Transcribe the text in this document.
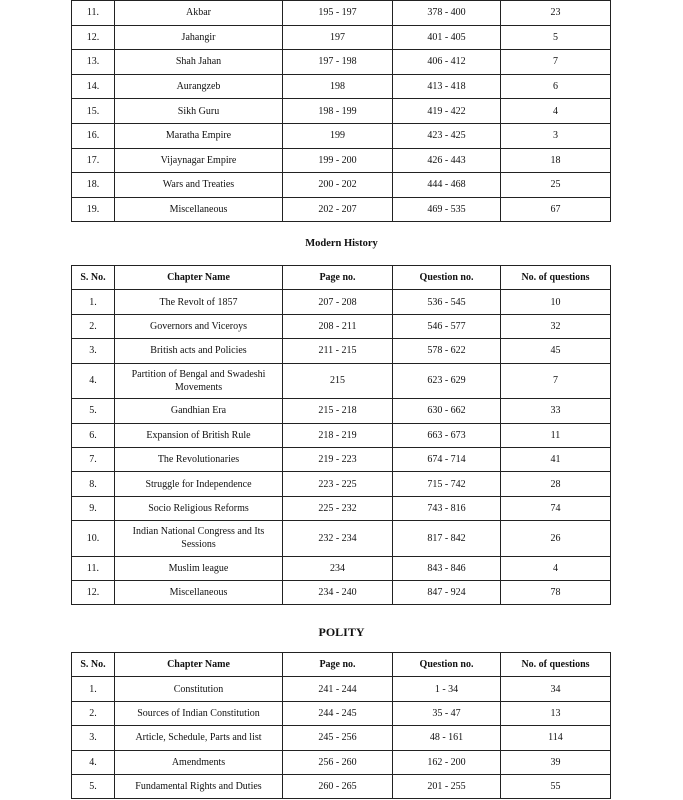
11.	Akbar	195 - 197	378 - 400	23
12.	Jahangir	197	401 - 405	5
13.	Shah Jahan	197 - 198	406 - 412	7
14.	Aurangzeb	198	413 - 418	6
15.	Sikh Guru	198 - 199	419 - 422	4
16.	Maratha Empire	199	423 - 425	3
17.	Vijaynagar Empire	199 - 200	426 - 443	18
18.	Wars and Treaties	200 - 202	444 - 468	25
19.	Miscellaneous	202 - 207	469 - 535	67
Modern History
S. No.	Chapter Name	Page no.	Question no.	No. of questions
1.	The Revolt of 1857	207 - 208	536 - 545	10
2.	Governors and Viceroys	208 - 211	546 - 577	32
3.	British acts and Policies	211 - 215	578 - 622	45
4.	Partition of Bengal and Swadeshi Movements	215	623 - 629	7
5.	Gandhian Era	215 - 218	630 - 662	33
6.	Expansion of British Rule	218 - 219	663 - 673	11
7.	The Revolutionaries	219 - 223	674 - 714	41
8.	Struggle for Independence	223 - 225	715 - 742	28
9.	Socio Religious Reforms	225 - 232	743 - 816	74
10.	Indian National Congress and Its Sessions	232 - 234	817 - 842	26
11.	Muslim league	234	843 - 846	4
12.	Miscellaneous	234 - 240	847 - 924	78
POLITY
S. No.	Chapter Name	Page no.	Question no.	No. of questions
1.	Constitution	241 - 244	1 - 34	34
2.	Sources of Indian Constitution	244 - 245	35 - 47	13
3.	Article, Schedule, Parts and list	245 - 256	48 - 161	114
4.	Amendments	256 - 260	162 - 200	39
5.	Fundamental Rights and Duties	260 - 265	201 - 255	55
